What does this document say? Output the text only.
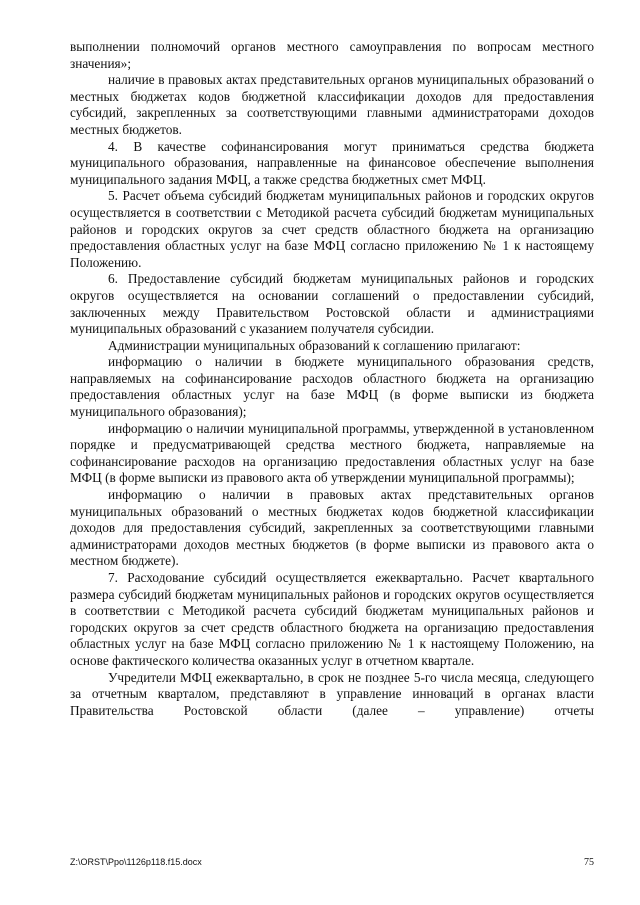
выполнении полномочий органов местного самоуправления по вопросам местного значения»;

наличие в правовых актах представительных органов муниципальных образований о местных бюджетах кодов бюджетной классификации доходов для предоставления субсидий, закрепленных за соответствующими главными администраторами доходов местных бюджетов.

4. В качестве софинансирования могут приниматься средства бюджета муниципального образования, направленные на финансовое обеспечение выполнения муниципального задания МФЦ, а также средства бюджетных смет МФЦ.

5. Расчет объема субсидий бюджетам муниципальных районов и городских округов осуществляется в соответствии с Методикой расчета субсидий бюджетам муниципальных районов и городских округов за счет средств областного бюджета на организацию предоставления областных услуг на базе МФЦ согласно приложению № 1 к настоящему Положению.

6. Предоставление субсидий бюджетам муниципальных районов и городских округов осуществляется на основании соглашений о предоставлении субсидий, заключенных между Правительством Ростовской области и администрациями муниципальных образований с указанием получателя субсидии.

Администрации муниципальных образований к соглашению прилагают:

информацию о наличии в бюджете муниципального образования средств, направляемых на софинансирование расходов областного бюджета на организацию предоставления областных услуг на базе МФЦ (в форме выписки из бюджета муниципального образования);

информацию о наличии муниципальной программы, утвержденной в установленном порядке и предусматривающей средства местного бюджета, направляемые на софинансирование расходов на организацию предоставления областных услуг на базе МФЦ (в форме выписки из правового акта об утверждении муниципальной программы);

информацию о наличии в правовых актах представительных органов муниципальных образований о местных бюджетах кодов бюджетной классификации доходов для предоставления субсидий, закрепленных за соответствующими главными администраторами доходов местных бюджетов (в форме выписки из правового акта о местном бюджете).

7. Расходование субсидий осуществляется ежеквартально. Расчет квартального размера субсидий бюджетам муниципальных районов и городских округов осуществляется в соответствии с Методикой расчета субсидий бюджетам муниципальных районов и городских округов за счет средств областного бюджета на организацию предоставления областных услуг на базе МФЦ согласно приложению № 1 к настоящему Положению, на основе фактического количества оказанных услуг в отчетном квартале.

Учредители МФЦ ежеквартально, в срок не позднее 5-го числа месяца, следующего за отчетным кварталом, представляют в управление инноваций в органах власти Правительства Ростовской области (далее – управление) отчеты

Z:\ORST\Ppo\1126p118.f15.docx	75
